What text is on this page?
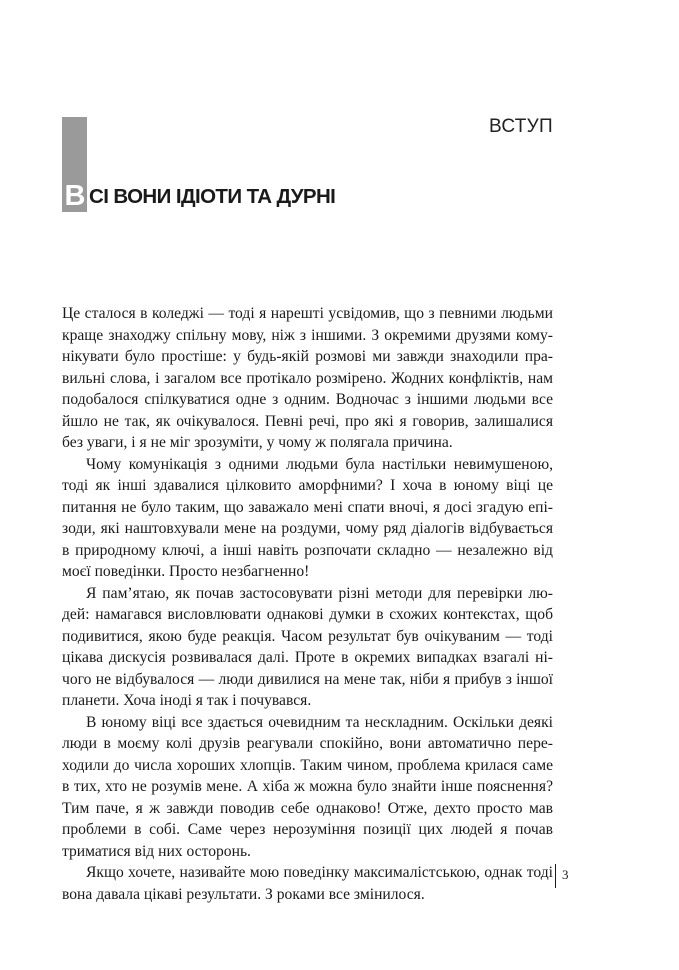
ВСТУП
В СІ ВОНИ ІДІОТИ ТА ДУРНІ

Це сталося в коледжі — тоді я нарешті усвідомив, що з певними людьми краще знаходжу спільну мову, ніж з іншими. З окремими друзями комунікувати було простіше: у будь-якій розмові ми завжди знаходили правильні слова, і загалом все протікало розмірено. Жодних конфліктів, нам подобалося спілкуватися одне з одним. Водночас з іншими людьми все йшло не так, як очікувалося. Певні речі, про які я говорив, залишалися без уваги, і я не міг зрозуміти, у чому ж полягала причина.

Чому комунікація з одними людьми була настільки невимушеною, тоді як інші здавалися цілковито аморфними? І хоча в юному віці це питання не було таким, що заважало мені спати вночі, я досі згадую епізоди, які наштовхували мене на роздуми, чому ряд діалогів відбувається в природному ключі, а інші навіть розпочати складно — незалежно від моєї поведінки. Просто незбагненно!

Я пам’ятаю, як почав застосовувати різні методи для перевірки людей: намагався висловлювати однакові думки в схожих контекстах, щоб подивитися, якою буде реакція. Часом результат був очікуваним — тоді цікава дискусія розвивалася далі. Проте в окремих випадках взагалі нічого не відбувалося — люди дивилися на мене так, ніби я прибув з іншої планети. Хоча іноді я так і почувався.

В юному віці все здається очевидним та нескладним. Оскільки деякі люди в моєму колі друзів реагували спокійно, вони автоматично переходили до числа хороших хлопців. Таким чином, проблема крилася саме в тих, хто не розумів мене. А хіба ж можна було знайти інше пояснення? Тим паче, я ж завжди поводив себе однаково! Отже, дехто просто мав проблеми в собі. Саме через нерозуміння позиції цих людей я почав триматися від них осторонь.

Якщо хочете, називайте мою поведінку максималістською, однак тоді вона давала цікаві результати. З роками все змінилося.

3
